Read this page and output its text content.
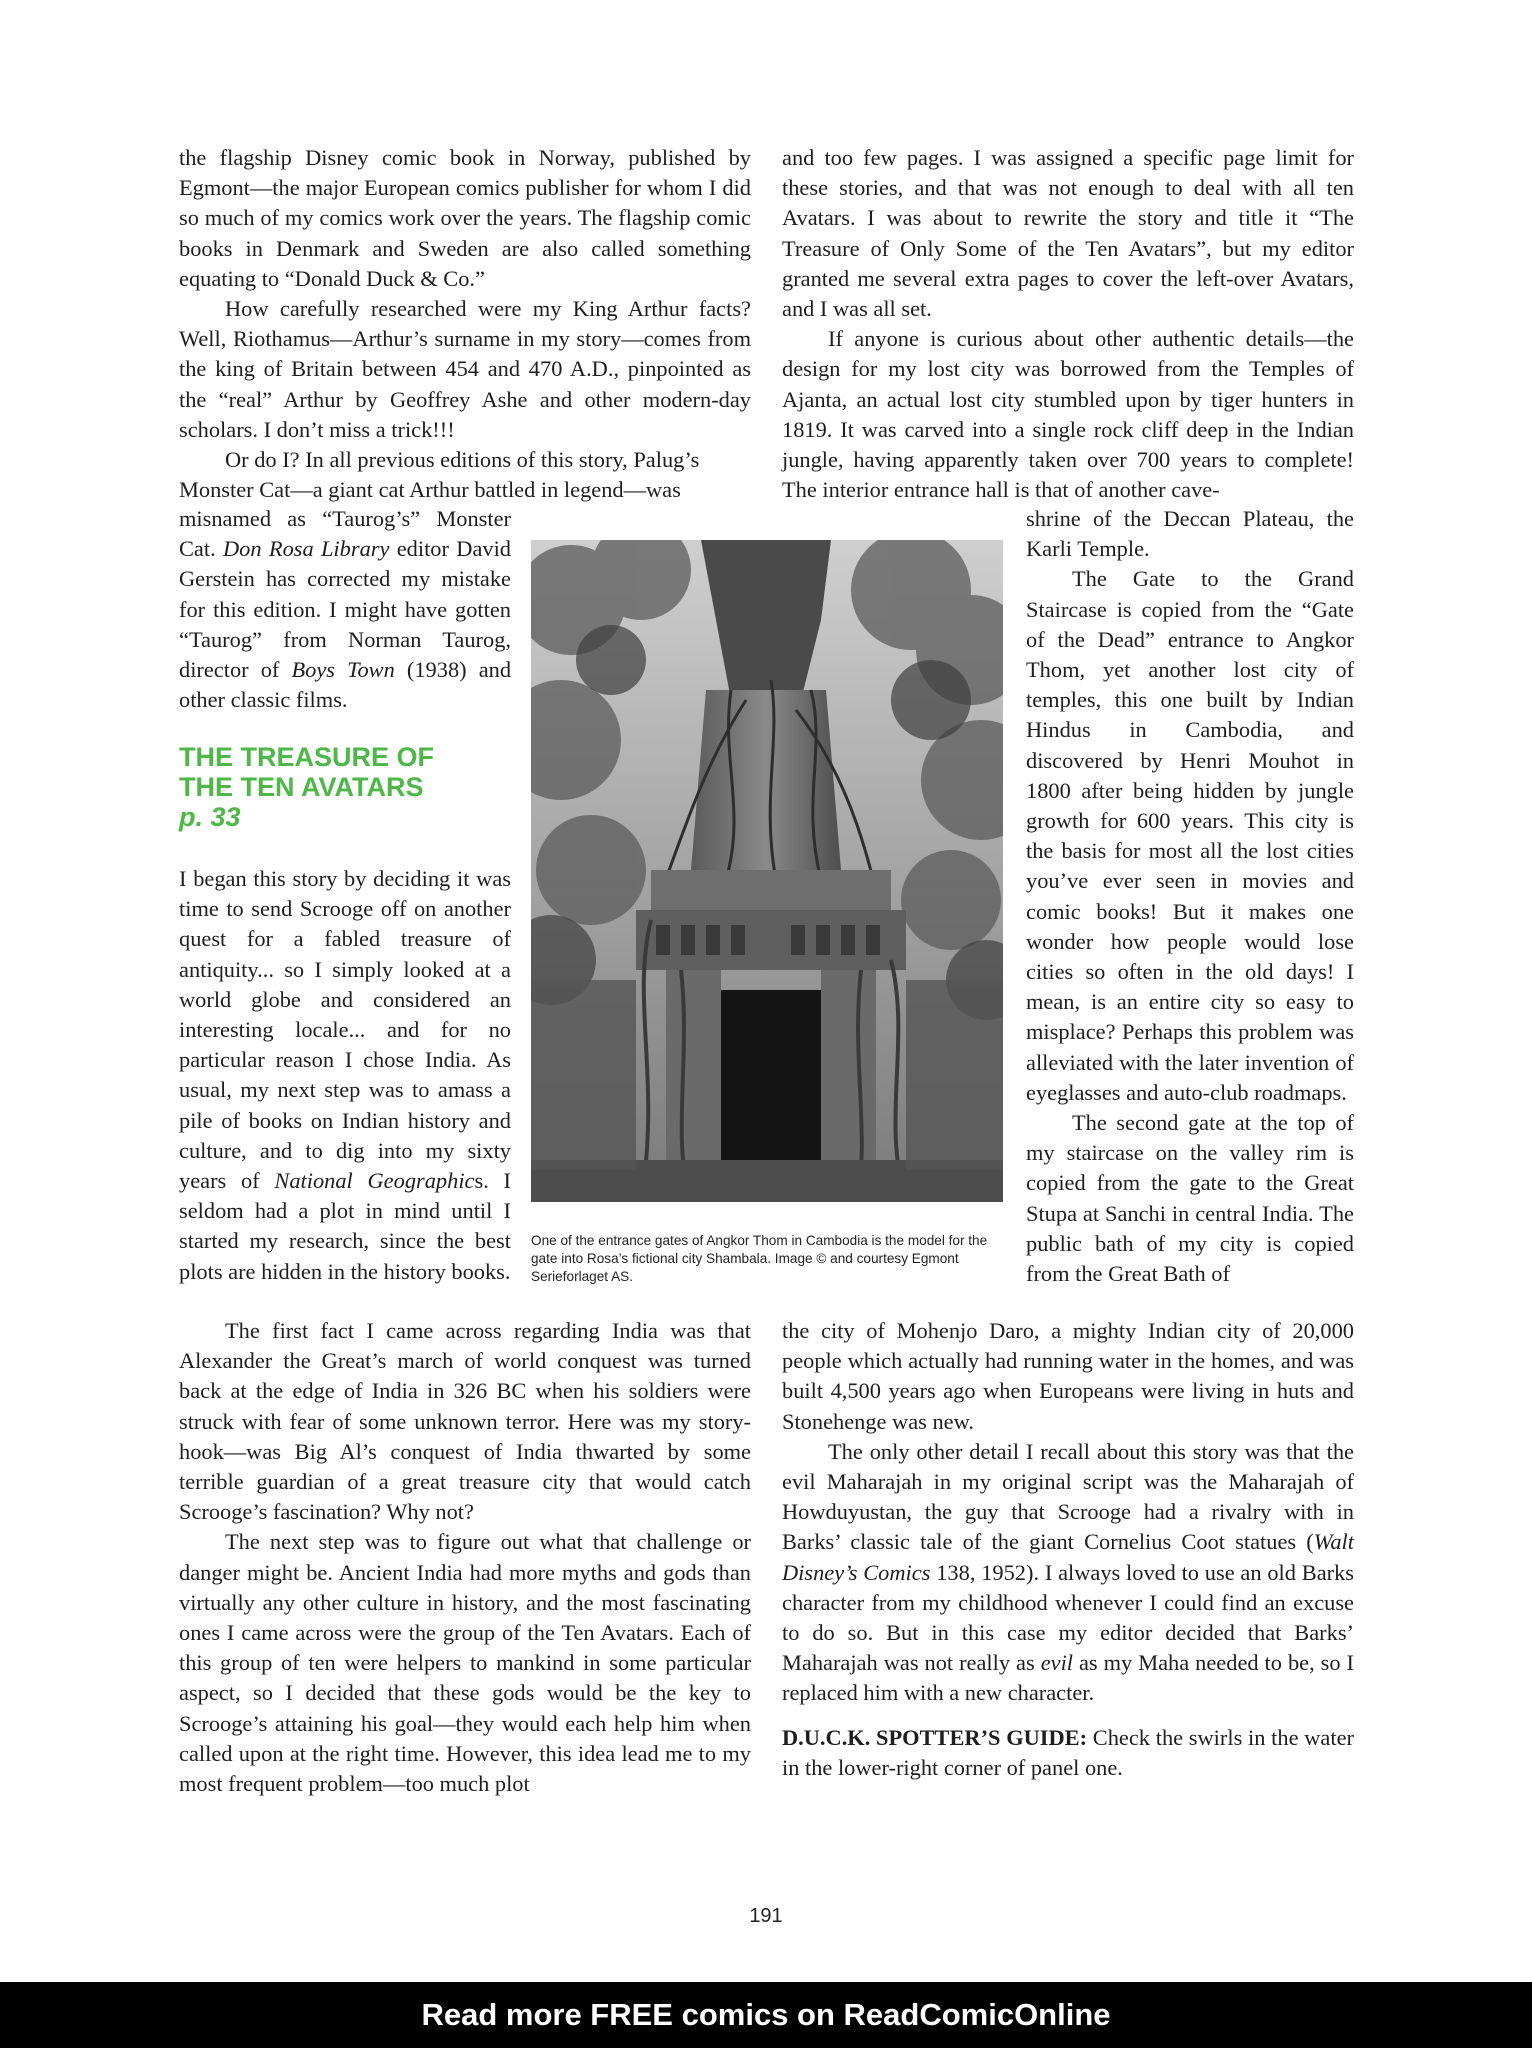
the flagship Disney comic book in Norway, published by Egmont—the major European comics publisher for whom I did so much of my comics work over the years. The flagship comic books in Denmark and Sweden are also called something equating to “Donald Duck & Co.”

How carefully researched were my King Arthur facts? Well, Riothamus—Arthur’s surname in my story—comes from the king of Britain between 454 and 470 A.D., pinpointed as the “real” Arthur by Geoffrey Ashe and other modern-day scholars. I don’t miss a trick!!!

Or do I? In all previous editions of this story, Palug’s
Monster Cat—a giant cat Arthur battled in legend—was

misnamed as “Taurog’s” Monster Cat. Don Rosa Library editor David Gerstein has corrected my mistake for this edition. I might have gotten “Taurog” from Norman Taurog, director of Boys Town (1938) and other classic films.

THE TREASURE OF
THE TEN AVATARS
p. 33

I began this story by deciding it was time to send Scrooge off on another quest for a fabled treasure of antiquity... so I simply looked at a world globe and considered an interesting locale... and for no particular reason I chose India. As usual, my next step was to amass a pile of books on Indian history and culture, and to dig into my sixty years of National Geographics. I seldom had a plot in mind until I started my research, since the best plots are hidden in the history books.

The first fact I came across regarding India was that Alexander the Great’s march of world conquest was turned back at the edge of India in 326 BC when his soldiers were struck with fear of some unknown terror. Here was my story-hook—was Big Al’s conquest of India thwarted by some terrible guardian of a great treasure city that would catch Scrooge’s fascination? Why not?

The next step was to figure out what that challenge or danger might be. Ancient India had more myths and gods than virtually any other culture in history, and the most fascinating ones I came across were the group of the Ten Avatars. Each of this group of ten were helpers to mankind in some particular aspect, so I decided that these gods would be the key to Scrooge’s attaining his goal—they would each help him when called upon at the right time. However, this idea lead me to my most frequent problem—too much plot

and too few pages. I was assigned a specific page limit for these stories, and that was not enough to deal with all ten Avatars. I was about to rewrite the story and title it “The Treasure of Only Some of the Ten Avatars”, but my editor granted me several extra pages to cover the left-over Avatars, and I was all set.

If anyone is curious about other authentic details—the design for my lost city was borrowed from the Temples of Ajanta, an actual lost city stumbled upon by tiger hunters in 1819. It was carved into a single rock cliff deep in the Indian jungle, having apparently taken over 700 years to complete! The interior entrance hall is that of another cave-

shrine of the Deccan Plateau, the Karli Temple.

The Gate to the Grand Staircase is copied from the “Gate of the Dead” entrance to Angkor Thom, yet another lost city of temples, this one built by Indian Hindus in Cambodia, and discovered by Henri Mouhot in 1800 after being hidden by jungle growth for 600 years. This city is the basis for most all the lost cities you’ve ever seen in movies and comic books! But it makes one wonder how people would lose cities so often in the old days! I mean, is an entire city so easy to misplace? Perhaps this problem was alleviated with the later invention of eyeglasses and auto-club roadmaps.

The second gate at the top of my staircase on the valley rim is copied from the gate to the Great Stupa at Sanchi in central India. The public bath of my city is copied from the Great Bath of

the city of Mohenjo Daro, a mighty Indian city of 20,000 people which actually had running water in the homes, and was built 4,500 years ago when Europeans were living in huts and Stonehenge was new.

The only other detail I recall about this story was that the evil Maharajah in my original script was the Maharajah of Howduyustan, the guy that Scrooge had a rivalry with in Barks’ classic tale of the giant Cornelius Coot statues (Walt Disney’s Comics 138, 1952). I always loved to use an old Barks character from my childhood whenever I could find an excuse to do so. But in this case my editor decided that Barks’ Maharajah was not really as evil as my Maha needed to be, so I replaced him with a new character.

D.U.C.K. SPOTTER’S GUIDE: Check the swirls in the water in the lower-right corner of panel one.

One of the entrance gates of Angkor Thom in Cambodia is the model for the gate into Rosa’s fictional city Shambala. Image © and courtesy Egmont Serieforlaget AS.
191
Read more FREE comics on ReadComicOnline
